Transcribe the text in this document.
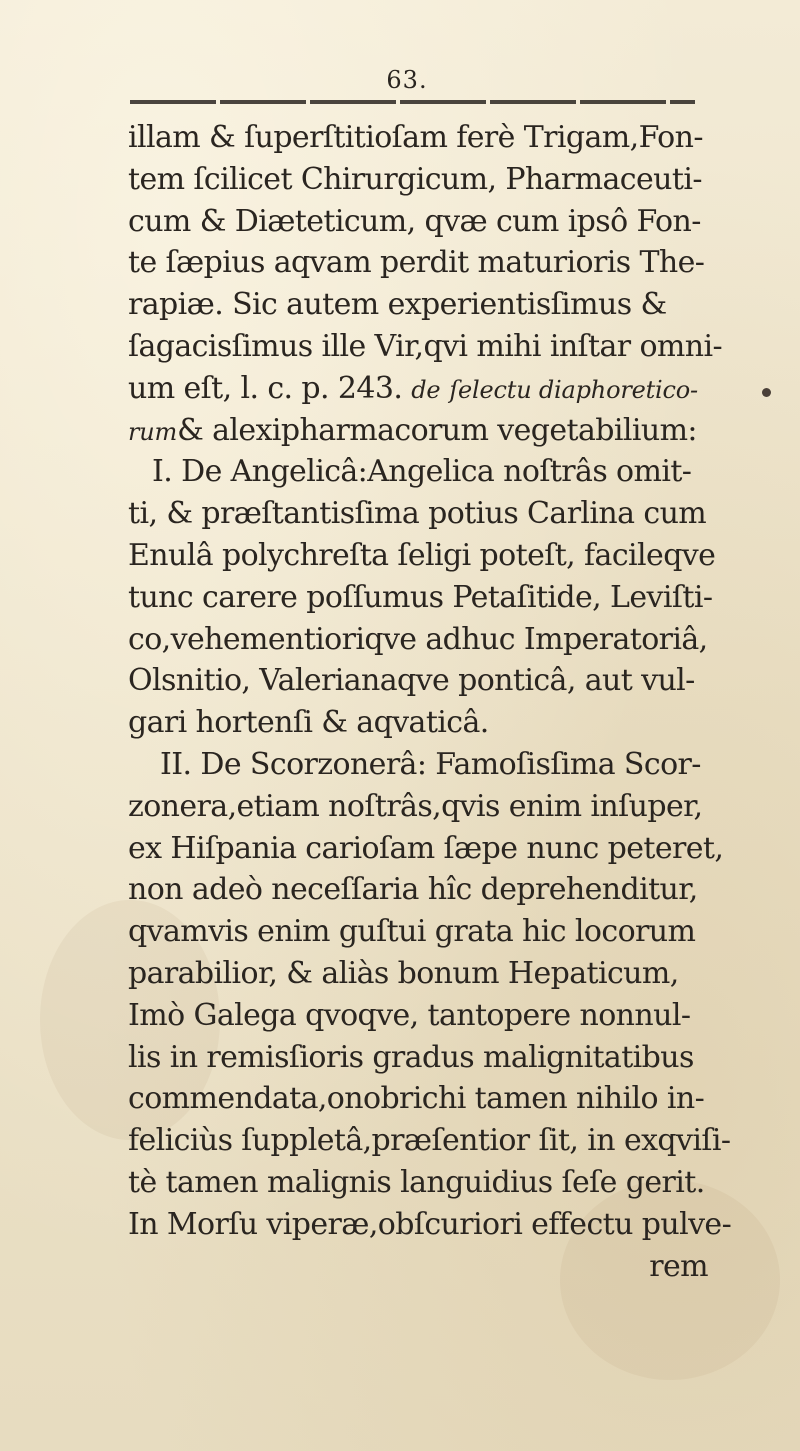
63.
illam & ſuperſtitioſam ferè Trigam,Fon-
tem ſcilicet Chirurgicum, Pharmaceuti-
cum & Diæteticum, qvæ cum ipsô Fon-
te ſæpius aqvam perdit maturioris The-
rapiæ. Sic autem experientisſimus &
ſagacisſimus ille Vir,qvi mihi inſtar omni-
um eſt, l. c. p. 243. de ſelectu diaphoretico-
rum& alexipharmacorum vegetabilium:
I. De Angelicâ:Angelica noſtrâs omit-
ti, & præſtantisſima potius Carlina cum
Enulâ polychreſta ſeligi poteſt, facileqve
tunc carere poſſumus Petaſitide, Leviſti-
co,vehementioriqve adhuc Imperatoriâ,
Olsnitio, Valerianaqve ponticâ, aut vul-
gari hortenſi & aqvaticâ.
II. De Scorzonerâ: Famoſisſima Scor-
zonera,etiam noſtrâs,qvis enim inſuper,
ex Hiſpania carioſam ſæpe nunc peteret,
non adeò neceſſaria hîc deprehenditur,
qvamvis enim guſtui grata hic locorum
parabilior, & aliàs bonum Hepaticum,
Imò Galega qvoqve, tantopere nonnul-
lis in remisſioris gradus malignitatibus
commendata,onobrichi tamen nihilo in-
feliciùs ſuppletâ,præſentior ſit, in exqviſi-
tè tamen malignis languidius ſeſe gerit.
In Morſu viperæ,obſcuriori effectu pulve-
rem
